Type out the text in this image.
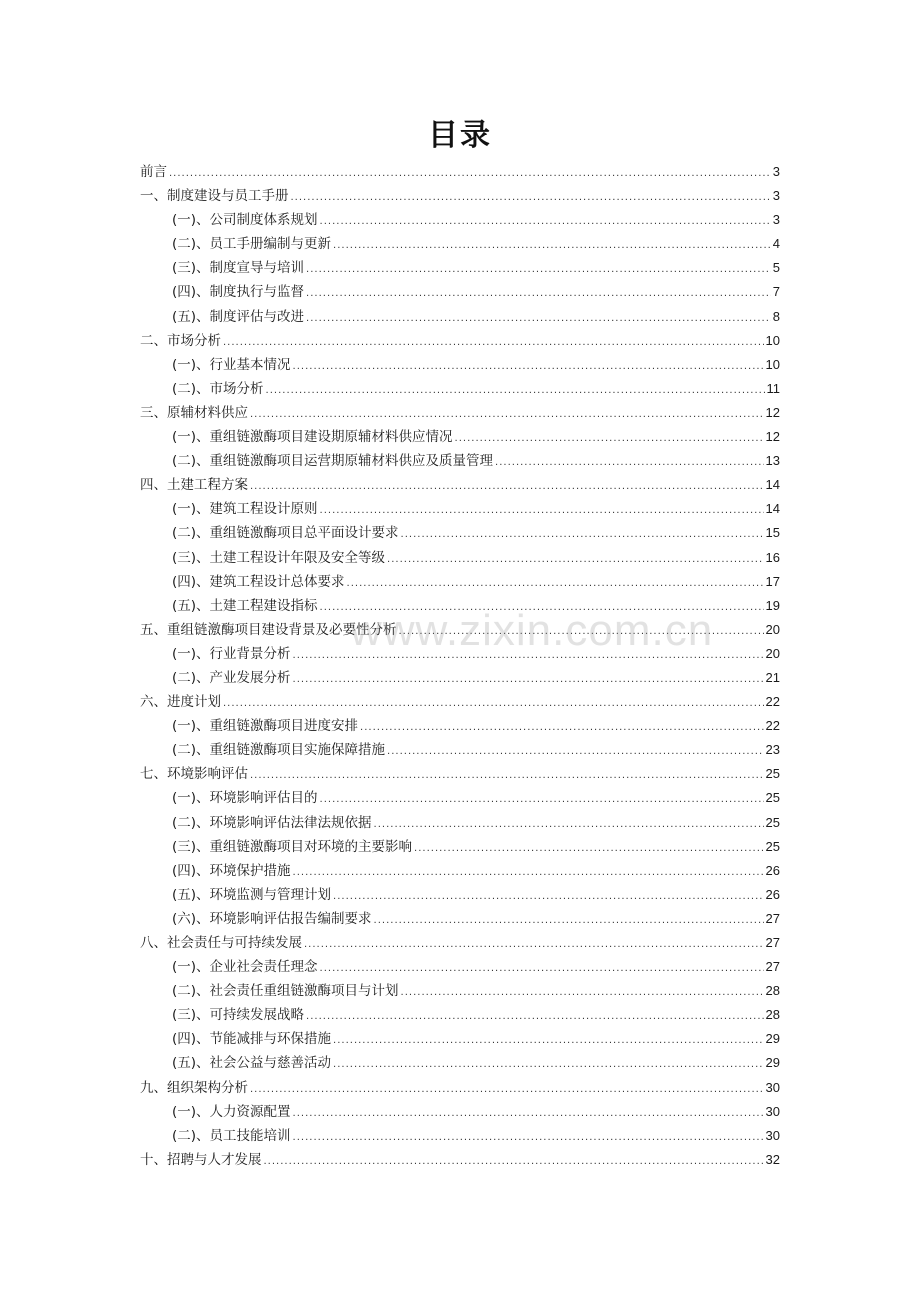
目录
前言 .....	3
一、制度建设与员工手册 .....	3
(一)、公司制度体系规划 .....	3
(二)、员工手册编制与更新 .....	4
(三)、制度宣导与培训 .....	5
(四)、制度执行与监督 .....	7
(五)、制度评估与改进 .....	8
二、市场分析 .....	10
(一)、行业基本情况 .....	10
(二)、市场分析 .....	11
三、原辅材料供应 .....	12
(一)、重组链激酶项目建设期原辅材料供应情况 .....	12
(二)、重组链激酶项目运营期原辅材料供应及质量管理 .....	13
四、土建工程方案 .....	14
(一)、建筑工程设计原则 .....	14
(二)、重组链激酶项目总平面设计要求 .....	15
(三)、土建工程设计年限及安全等级 .....	16
(四)、建筑工程设计总体要求 .....	17
(五)、土建工程建设指标 .....	19
五、重组链激酶项目建设背景及必要性分析 .....	20
(一)、行业背景分析 .....	20
(二)、产业发展分析 .....	21
六、进度计划 .....	22
(一)、重组链激酶项目进度安排 .....	22
(二)、重组链激酶项目实施保障措施 .....	23
七、环境影响评估 .....	25
(一)、环境影响评估目的 .....	25
(二)、环境影响评估法律法规依据 .....	25
(三)、重组链激酶项目对环境的主要影响 .....	25
(四)、环境保护措施 .....	26
(五)、环境监测与管理计划 .....	26
(六)、环境影响评估报告编制要求 .....	27
八、社会责任与可持续发展 .....	27
(一)、企业社会责任理念 .....	27
(二)、社会责任重组链激酶项目与计划 .....	28
(三)、可持续发展战略 .....	28
(四)、节能减排与环保措施 .....	29
(五)、社会公益与慈善活动 .....	29
九、组织架构分析 .....	30
(一)、人力资源配置 .....	30
(二)、员工技能培训 .....	30
十、招聘与人才发展 .....	32
www.zixin.com.cn
